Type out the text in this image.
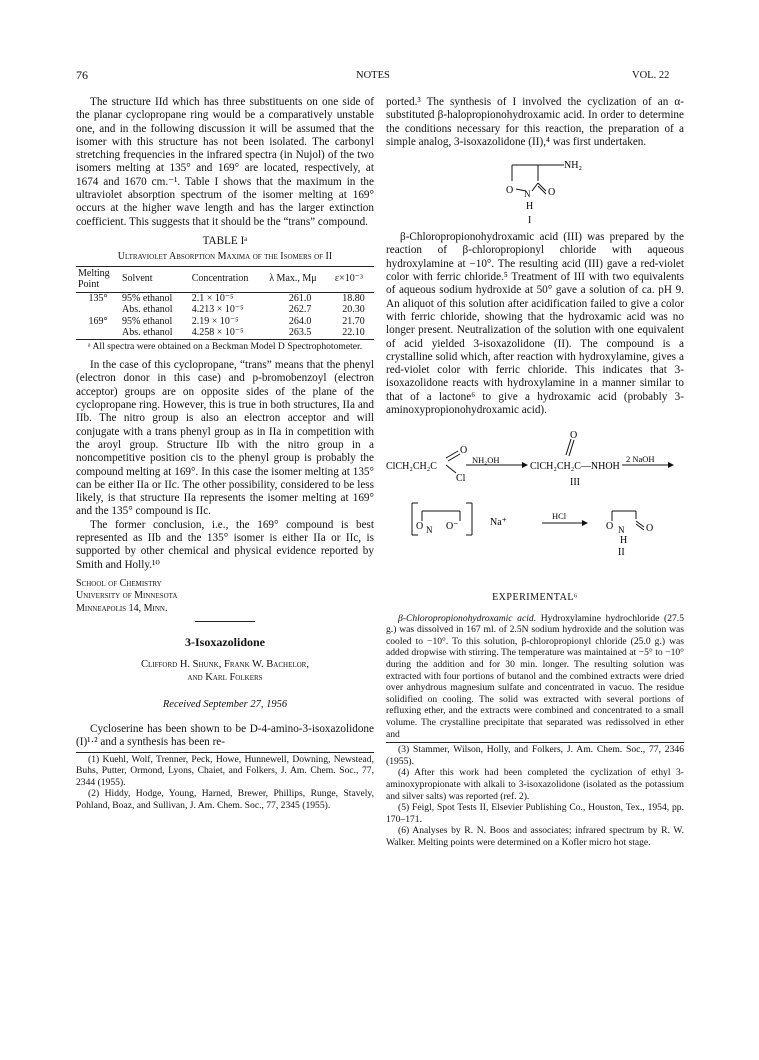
76	NOTES	VOL. 22

The structure IId which has three substituents on one side of the planar cyclopropane ring would be a comparatively unstable one, and in the following discussion it will be assumed that the isomer with this structure has not been isolated. The carbonyl stretching frequencies in the infrared spectra (in Nujol) of the two isomers melting at 135° and 169° are located, respectively, at 1674 and 1670 cm.⁻¹. Table I shows that the maximum in the ultraviolet absorption spectrum of the isomer melting at 169° occurs at the higher wave length and has the larger extinction coefficient. This suggests that it should be the “trans” compound.

TABLE Iᵃ
Ultraviolet Absorption Maxima of the Isomers of II
Melting Point	Solvent	Concentration	λ Max., Mμ	ε×10⁻³
135°	95% ethanol	2.1 × 10⁻⁵	261.0	18.80
	Abs. ethanol	4.213 × 10⁻⁵	262.7	20.30
169°	95% ethanol	2.19 × 10⁻⁵	264.0	21.70
	Abs. ethanol	4.258 × 10⁻⁵	263.5	22.10
ᵃ All spectra were obtained on a Beckman Model D Spectrophotometer.

In the case of this cyclopropane, “trans” means that the phenyl (electron donor in this case) and p-bromobenzoyl (electron acceptor) groups are on opposite sides of the plane of the cyclopropane ring. However, this is true in both structures, IIa and IIb. The nitro group is also an electron acceptor and will conjugate with a trans phenyl group as in IIa in competition with the aroyl group. Structure IIb with the nitro group in a noncompetitive position cis to the phenyl group is probably the compound melting at 169°. In this case the isomer melting at 135° can be either IIa or IIc. The other possibility, considered to be less likely, is that structure IIa represents the isomer melting at 169° and the 135° compound is IIc.

The former conclusion, i.e., the 169° compound is best represented as IIb and the 135° isomer is either IIa or IIc, is supported by other chemical and physical evidence reported by Smith and Holly.¹⁰

School of Chemistry
University of Minnesota
Minneapolis 14, Minn.
3-Isoxazolidone
Clifford H. Shunk, Frank W. Bachelor,
and Karl Folkers
Received September 27, 1956

Cycloserine has been shown to be D-4-amino-3-isoxazolidone (I)¹·² and a synthesis has been re-

(1) Kuehl, Wolf, Trenner, Peck, Howe, Hunnewell, Downing, Newstead, Buhs, Putter, Ormond, Lyons, Chaiet, and Folkers, J. Am. Chem. Soc., 77, 2344 (1955).

(2) Hiddy, Hodge, Young, Harned, Brewer, Phillips, Runge, Stavely, Pohland, Boaz, and Sullivan, J. Am. Chem. Soc., 77, 2345 (1955).

ported.³ The synthesis of I involved the cyclization of an α-substituted β-halopropionohydroxamic acid. In order to determine the conditions necessary for this reaction, the preparation of a simple analog, 3-isoxazolidone (II),⁴ was first undertaken.

NH₂
O N O
H
I

β-Chloropropionohydroxamic acid (III) was prepared by the reaction of β-chloropropionyl chloride with aqueous hydroxylamine at −10°. The resulting acid (III) gave a red-violet color with ferric chloride.⁵ Treatment of III with two equivalents of aqueous sodium hydroxide at 50° gave a solution of ca. pH 9. An aliquot of this solution after acidification failed to give a color with ferric chloride, showing that the hydroxamic acid was no longer present. Neutralization of the solution with one equivalent of acid yielded 3-isoxazolidone (II). The compound is a crystalline solid which, after reaction with hydroxylamine, gives a red-violet color with ferric chloride. This indicates that 3-isoxazolidone reacts with hydroxylamine in a manner similar to that of a lactone⁶ to give a hydroxamic acid (probably 3-aminoxypropionohydroxamic acid).

ClCH₂CH₂C
O
Cl
NH₂OH
ClCH₂CH₂C—NHOH
O
III
2 NaOH
O N O⁻	Na⁺
HCl
O N O
H
II
EXPERIMENTAL⁶
β-Chloropropionohydroxamic acid. Hydroxylamine hydrochloride (27.5 g.) was dissolved in 167 ml. of 2.5N sodium hydroxide and the solution was cooled to −10°. To this solution, β-chloropropionyl chloride (25.0 g.) was added dropwise with stirring. The temperature was maintained at −5° to −10° during the addition and for 30 min. longer. The resulting solution was extracted with four portions of butanol and the combined extracts were dried over anhydrous magnesium sulfate and concentrated in vacuo. The residue solidified on cooling. The solid was extracted with several portions of refluxing ether, and the extracts were combined and concentrated to a small volume. The crystalline precipitate that separated was redissolved in ether and

(3) Stammer, Wilson, Holly, and Folkers, J. Am. Chem. Soc., 77, 2346 (1955).

(4) After this work had been completed the cyclization of ethyl 3-aminoxypropionate with alkali to 3-isoxazolidone (isolated as the potassium and silver salts) was reported (ref. 2).

(5) Feigl, Spot Tests II, Elsevier Publishing Co., Houston, Tex., 1954, pp. 170–171.

(6) Analyses by R. N. Boos and associates; infrared spectrum by R. W. Walker. Melting points were determined on a Kofler micro hot stage.
